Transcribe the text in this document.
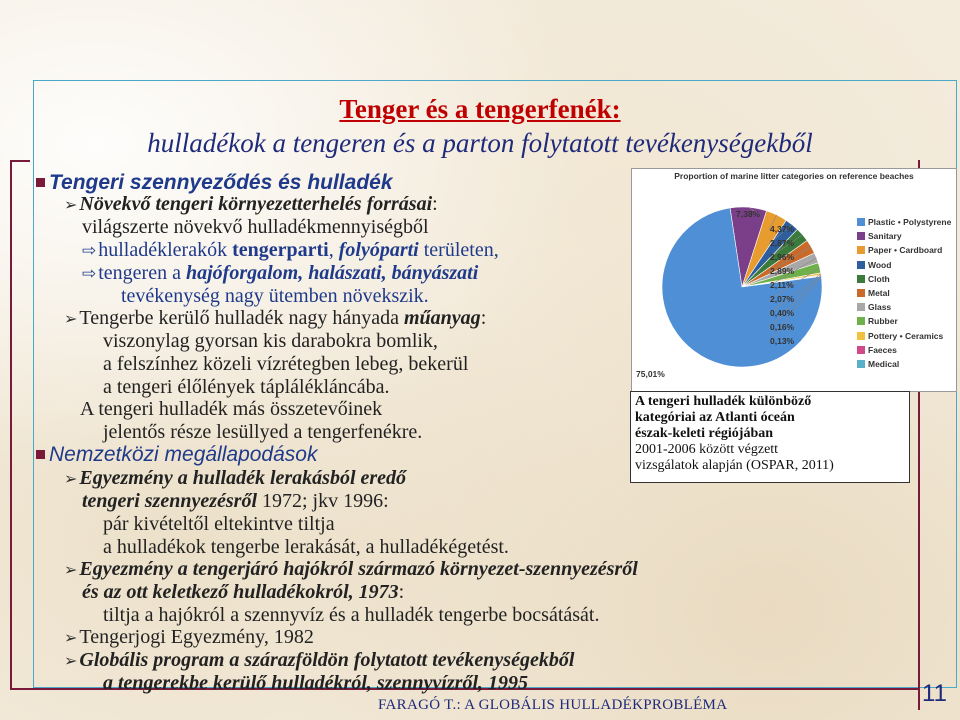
Tenger és a tengerfenék:
hulladékok a tengeren és a parton folytatott tevékenységekből
Tengeri szennyeződés és hulladék
➢ Növekvő tengeri környezetterhelés forrásai:
világszerte növekvő hulladékmennyiségből
⇨ hulladéklerakók tengerparti, folyóparti területen,
⇨ tengeren a hajóforgalom, halászati, bányászati
tevékenység nagy ütemben növekszik.
➢ Tengerbe kerülő hulladék nagy hányada műanyag:
viszonylag gyorsan kis darabokra bomlik,
a felszínhez közeli vízrétegben lebeg, bekerül
a tengeri élőlények táplálékláncába.
A tengeri hulladék más összetevőinek
jelentős része lesüllyed a tengerfenékre.
Nemzetközi megállapodások
➢ Egyezmény a hulladék lerakásból eredő
tengeri szennyezésről 1972; jkv 1996:
pár kivételtől eltekintve tiltja
a hulladékok tengerbe lerakását, a hulladékégetést.
➢ Egyezmény a tengerjáró hajókról származó környezet-szennyezésről
és az ott keletkező hulladékokról, 1973:
tiltja a hajókról a szennyvíz és a hulladék tengerbe bocsátását.
➢ Tengerjogi Egyezmény, 1982
➢ Globális program a szárazföldön folytatott tevékenységekből
a tengerekbe kerülő hulladékról, szennyvízről, 1995
Proportion of marine litter categories on reference beaches
75,01%
7,38%
4,37%
2,87%
2,96%
2,89%
2,11%
2,07%
0,40%
0,16%
0,13%
Plastic • Polystyrene
Sanitary
Paper • Cardboard
Wood
Cloth
Metal
Glass
Rubber
Pottery • Ceramics
Faeces
Medical
A tengeri hulladék különböző
kategóriai az Atlanti óceán
észak-keleti régiójában
2001-2006 között végzett
vizsgálatok alapján (OSPAR, 2011)
FARAGÓ T.: A GLOBÁLIS HULLADÉKPROBLÉMA	11
